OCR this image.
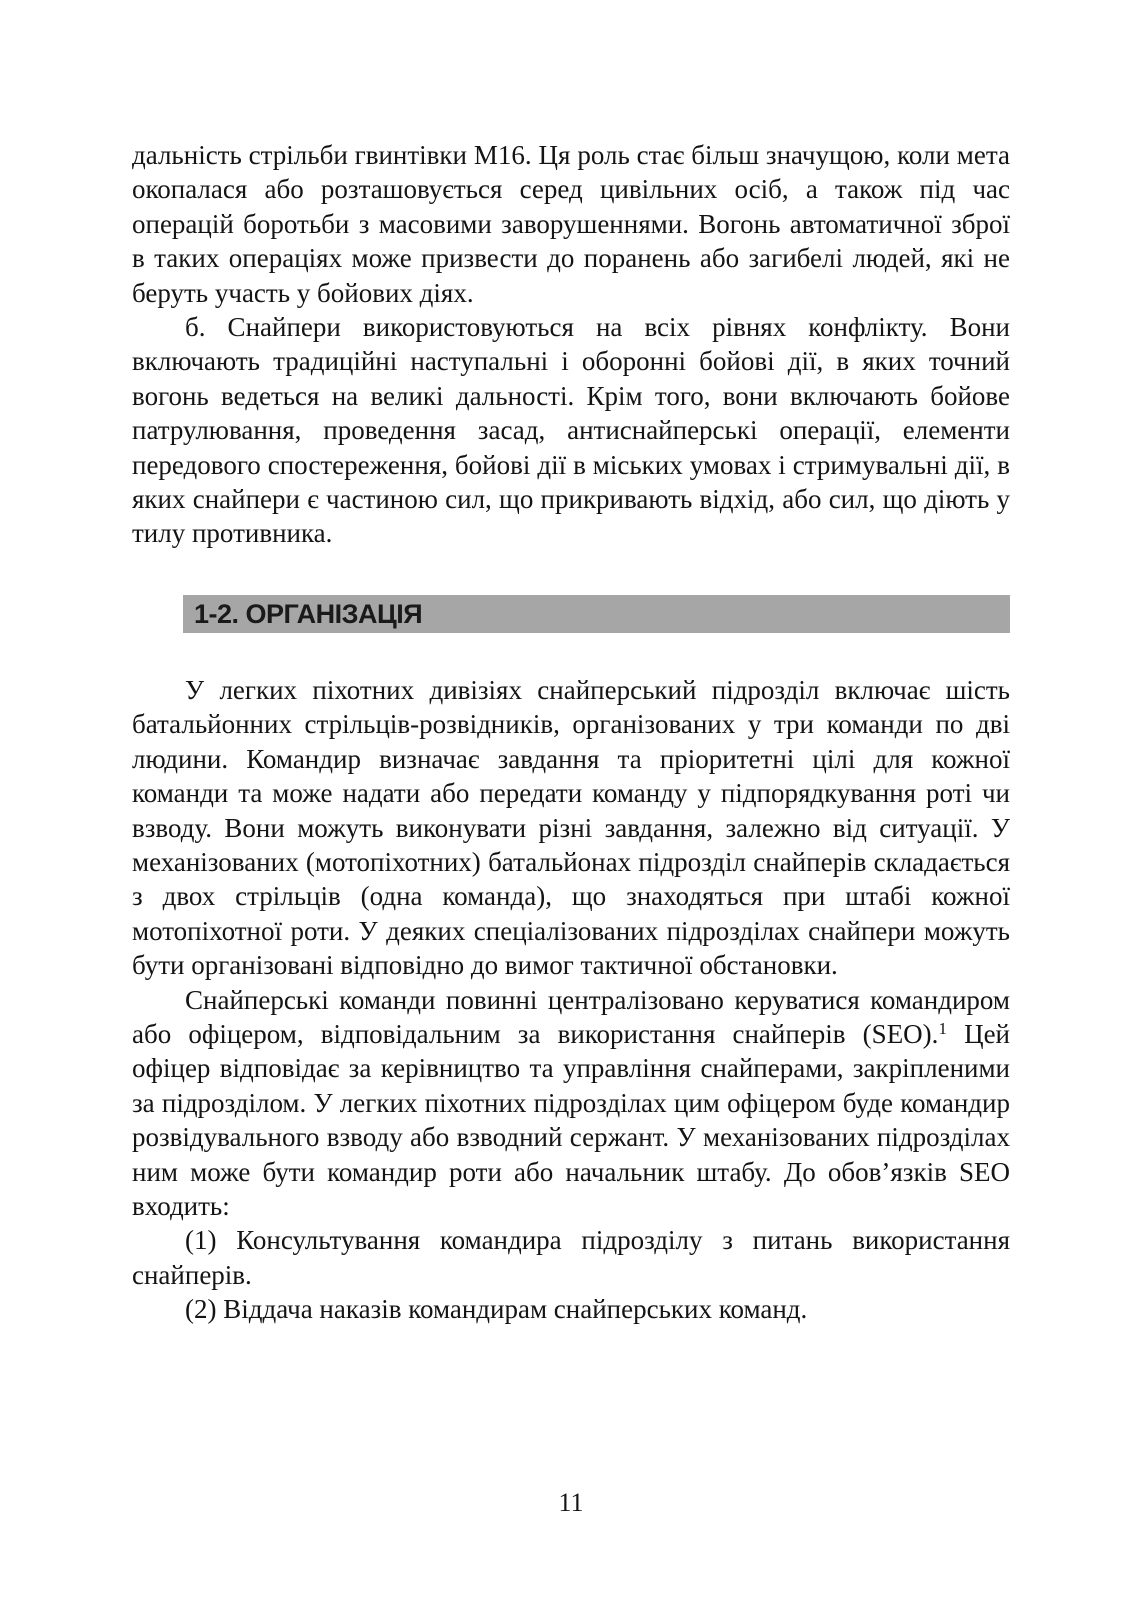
дальність стрільби гвинтівки М16. Ця роль стає більш значущою, коли мета окопалася або розташовується серед цивільних осіб, а також під час операцій боротьби з масовими заворушеннями. Вогонь автоматичної зброї в таких операціях може призвести до поранень або загибелі людей, які не беруть участь у бойових діях.

б. Снайпери використовуються на всіх рівнях конфлікту. Вони включають традиційні наступальні і оборонні бойові дії, в яких точний вогонь ведеться на великі дальності. Крім того, вони включають бойове патрулювання, проведення засад, антиснайперські операції, елементи передового спостереження, бойові дії в міських умовах і стримувальні дії, в яких снайпери є частиною сил, що прикривають відхід, або сил, що діють у тилу противника.

1-2. ОРГАНІЗАЦІЯ

У легких піхотних дивізіях снайперський підрозділ включає шість батальйонних стрільців-розвідників, організованих у три команди по дві людини. Командир визначає завдання та пріоритетні цілі для кожної команди та може надати або передати команду у підпорядкування роті чи взводу. Вони можуть виконувати різні завдання, залежно від ситуації. У механізованих (мотопіхотних) батальйонах підрозділ снайперів складається з двох стрільців (одна команда), що знаходяться при штабі кожної мотопіхотної роти. У деяких спеціалізованих підрозділах снайпери можуть бути організовані відповідно до вимог тактичної обстановки.

Снайперські команди повинні централізовано керуватися командиром або офіцером, відповідальним за використання снайперів (SEO).$^1$ Цей офіцер відповідає за керівництво та управління снайперами, закріпленими за підрозділом. У легких піхотних підрозділах цим офіцером буде командир розвідувального взводу або взводний сержант. У механізованих підрозділах ним може бути командир роти або начальник штабу. До обов’язків SEO входить:

(1) Консультування командира підрозділу з питань використання снайперів.

(2) Віддача наказів командирам снайперських команд.

11
